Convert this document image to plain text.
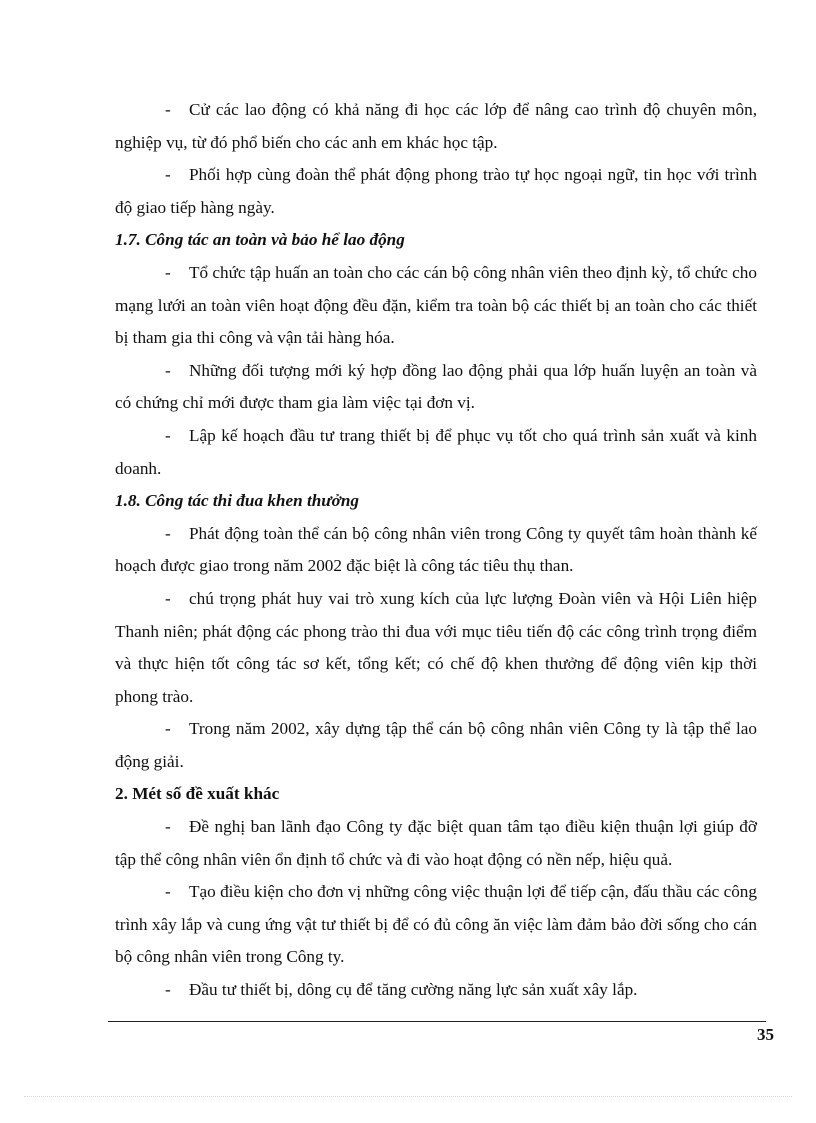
- Cử các lao động có khả năng đi học các lớp để nâng cao trình độ chuyên môn, nghiệp vụ, từ đó phổ biến cho các anh em khác học tập.

- Phối hợp cùng đoàn thể phát động phong trào tự học ngoại ngữ, tin học với trình độ giao tiếp hàng ngày.

1.7. Công tác an toàn và bảo hể lao động

- Tổ chức tập huấn an toàn cho các cán bộ công nhân viên theo định kỳ, tổ chức cho mạng lưới an toàn viên hoạt động đều đặn, kiểm tra toàn bộ các thiết bị an toàn cho các thiết bị tham gia thi công và vận tải hàng hóa.

- Những đối tượng mới ký hợp đồng lao động phải qua lớp huấn luyện an toàn và có chứng chỉ mới được tham gia làm việc tại đơn vị.

- Lập kế hoạch đầu tư trang thiết bị để phục vụ tốt cho quá trình sản xuất và kinh doanh.

1.8. Công tác thi đua khen thưởng

- Phát động toàn thể cán bộ công nhân viên trong Công ty quyết tâm hoàn thành kế hoạch được giao trong năm 2002 đặc biệt là công tác tiêu thụ than.

- chú trọng phát huy vai trò xung kích của lực lượng Đoàn viên và Hội Liên hiệp Thanh niên; phát động các phong trào thi đua với mục tiêu tiến độ các công trình trọng điểm và thực hiện tốt công tác sơ kết, tổng kết; có chế độ khen thưởng để động viên kịp thời phong trào.

- Trong năm 2002, xây dựng tập thể cán bộ công nhân viên Công ty là tập thể lao động giải.

2. Mét số đề xuất khác

- Đề nghị ban lãnh đạo Công ty đặc biệt quan tâm tạo điều kiện thuận lợi giúp đỡ tập thể công nhân viên ổn định tổ chức và đi vào hoạt động có nền nếp, hiệu quả.

- Tạo điều kiện cho đơn vị những công việc thuận lợi để tiếp cận, đấu thầu các công trình xây lắp và cung ứng vật tư thiết bị để có đủ công ăn việc làm đảm bảo đời sống cho cán bộ công nhân viên trong Công ty.

- Đầu tư thiết bị, dông cụ để tăng cường năng lực sản xuất xây lắp.

35
